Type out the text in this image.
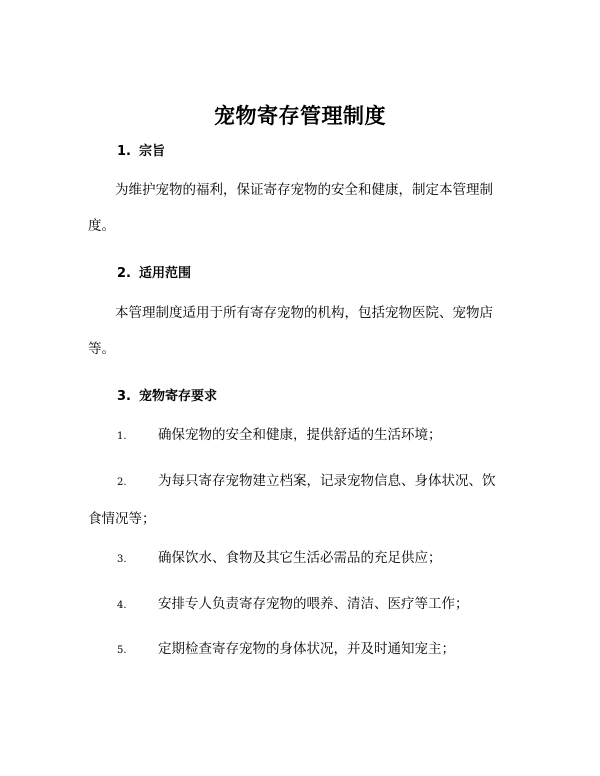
宠物寄存管理制度
1. 宗旨

为维护宠物的福利，保证寄存宠物的安全和健康，制定本管理制度。

2. 适用范围

本管理制度适用于所有寄存宠物的机构，包括宠物医院、宠物店等。

3. 宠物寄存要求

1. 确保宠物的安全和健康，提供舒适的生活环境；

2. 为每只寄存宠物建立档案，记录宠物信息、身体状况、饮食情况等；

3. 确保饮水、食物及其它生活必需品的充足供应；

4. 安排专人负责寄存宠物的喂养、清洁、医疗等工作；

5. 定期检查寄存宠物的身体状况，并及时通知宠主；
